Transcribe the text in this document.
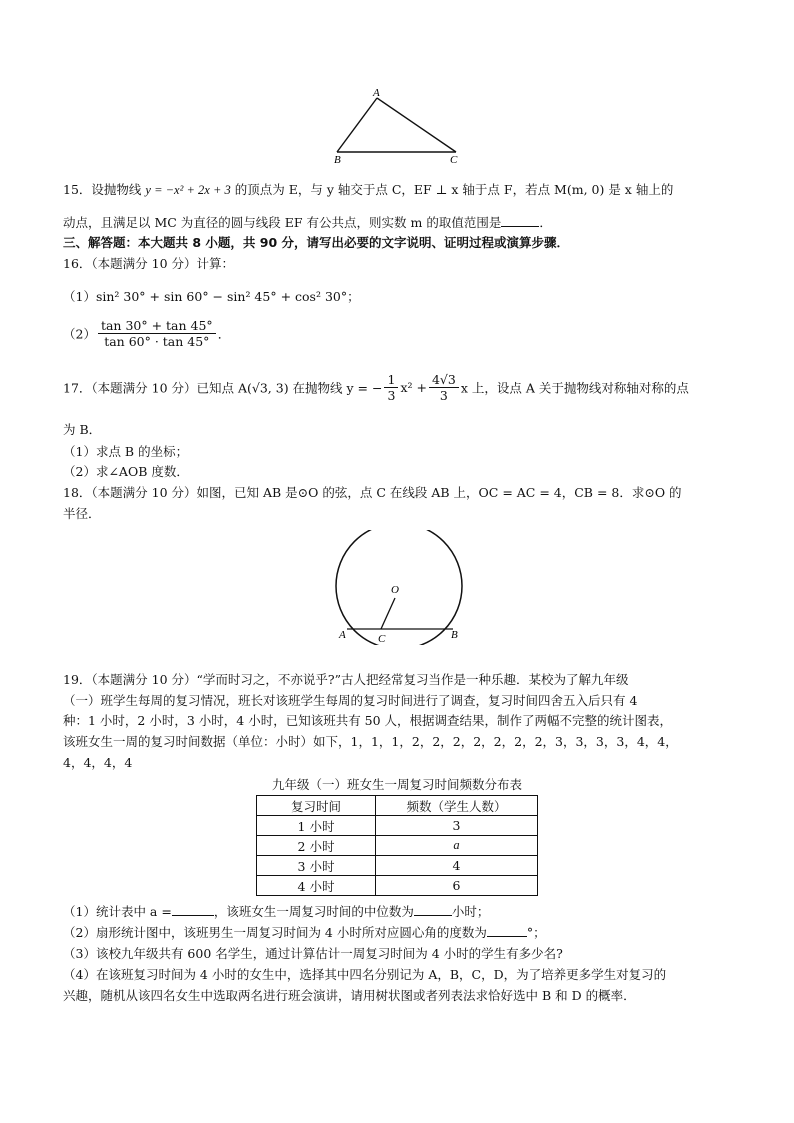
A
B	C
15．设抛物线 y = −x² + 2x + 3 的顶点为 E，与 y 轴交于点 C，EF ⊥ x 轴于点 F，若点 M(m, 0) 是 x 轴上的
动点，且满足以 MC 为直径的圆与线段 EF 有公共点，则实数 m 的取值范围是	．
三、解答题：本大题共 8 小题，共 90 分，请写出必要的文字说明、证明过程或演算步骤．
16．（本题满分 10 分）计算：
（1）sin² 30° + sin 60° − sin² 45° + cos² 30°；
$(2) \frac{\tan 30^\circ + \tan 45^\circ}{\tan 60^\circ \cdot \tan 45^\circ}$ ．
17．（本题满分 10 分）已知点 A(√3, 3) 在抛物线 y = − $\frac{1}{3} x^2 + \frac{4√3}{3}$ x 上，设点 A 关于抛物线对称轴对称的点
为 B．
（1）求点 B 的坐标；
（2）求∠AOB 度数．
18．（本题满分 10 分）如图，已知 AB 是⊙O 的弦，点 C 在线段 AB 上，OC = AC = 4，CB = 8．求⊙O 的
半径．
O
A	C	B
19．（本题满分 10 分）“学而时习之，不亦说乎?”古人把经常复习当作是一种乐趣．某校为了解九年级
（一）班学生每周的复习情况，班长对该班学生每周的复习时间进行了调查，复习时间四舍五入后只有 4
种：1 小时，2 小时，3 小时，4 小时，已知该班共有 50 人，根据调查结果，制作了两幅不完整的统计图表，
该班女生一周的复习时间数据（单位：小时）如下，1，1，1，2，2，2，2，2，2，2，3，3，3，3，4，4，
4，4，4，4
九年级（一）班女生一周复习时间频数分布表
复习时间	频数（学生人数）
1 小时	3
2 小时	a
3 小时	4
4 小时	6
（1）统计表中 a =	，该班女生一周复习时间的中位数为	小时；
（2）扇形统计图中，该班男生一周复习时间为 4 小时所对应圆心角的度数为	°；
（3）该校九年级共有 600 名学生，通过计算估计一周复习时间为 4 小时的学生有多少名?
（4）在该班复习时间为 4 小时的女生中，选择其中四名分别记为 A，B，C，D，为了培养更多学生对复习的
兴趣，随机从该四名女生中选取两名进行班会演讲，请用树状图或者列表法求恰好选中 B 和 D 的概率．
